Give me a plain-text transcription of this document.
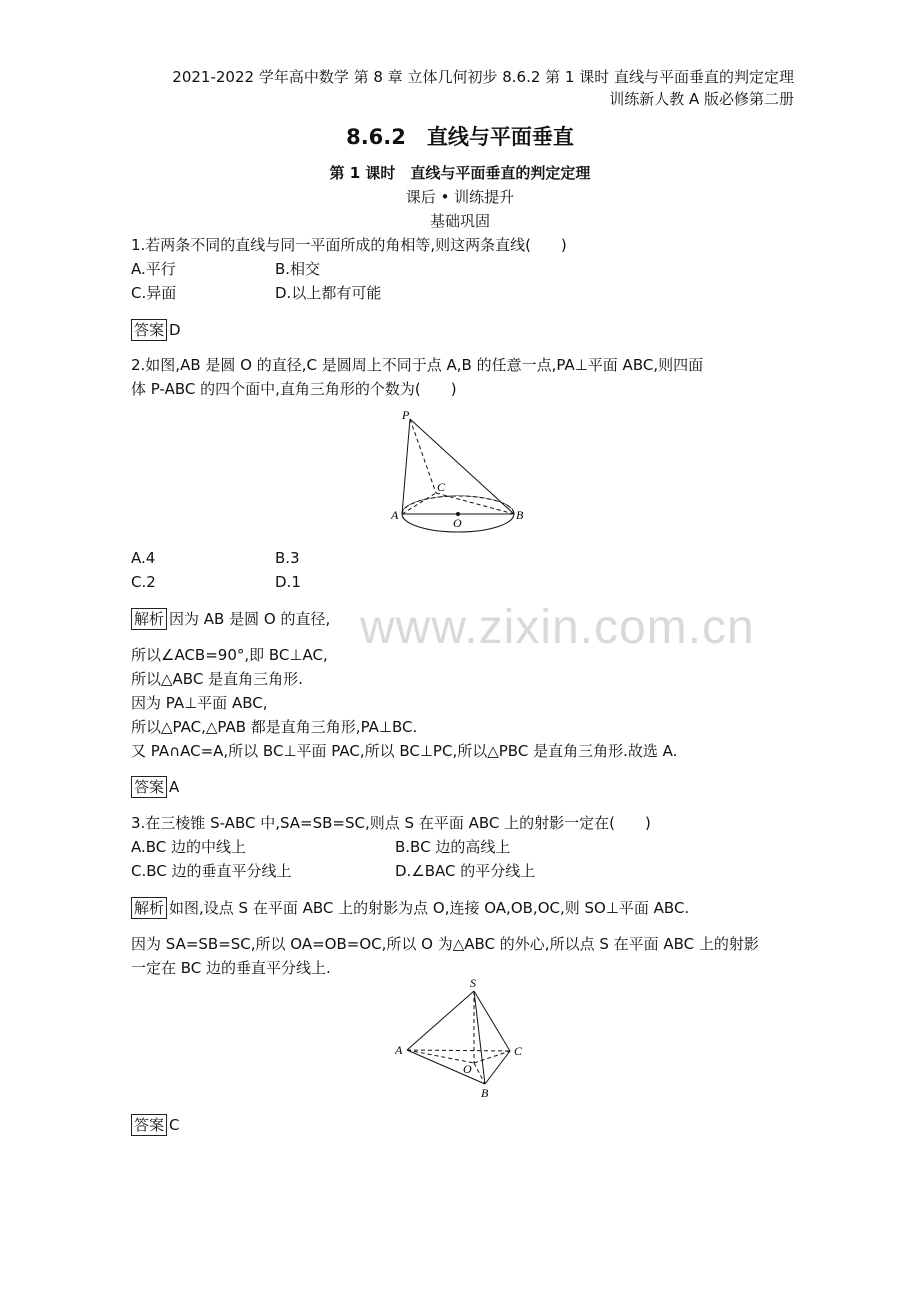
2021-2022 学年高中数学 第 8 章 立体几何初步 8.6.2 第 1 课时 直线与平面垂直的判定定理
训练新人教 A 版必修第二册
8.6.2　直线与平面垂直
第 1 课时　直线与平面垂直的判定定理
课后 • 训练提升
基础巩固
1.若两条不同的直线与同一平面所成的角相等,则这两条直线(　　)
A.平行	B.相交
C.异面	D.以上都有可能
答案 D
2.如图,AB 是圆 O 的直径,C 是圆周上不同于点 A,B 的任意一点,PA⊥平面 ABC,则四面
体 P-ABC 的四个面中,直角三角形的个数为(　　)
P
A	B
C
O
A.4	B.3
C.2	D.1
www.zixin.com.cn
解析 因为 AB 是圆 O 的直径,
所以∠ACB=90°,即 BC⊥AC,
所以△ABC 是直角三角形.
因为 PA⊥平面 ABC,
所以△PAC,△PAB 都是直角三角形,PA⊥BC.
又 PA∩AC=A,所以 BC⊥平面 PAC,所以 BC⊥PC,所以△PBC 是直角三角形.故选 A.
答案 A
3.在三棱锥 S-ABC 中,SA=SB=SC,则点 S 在平面 ABC 上的射影一定在(　　)
A.BC 边的中线上	B.BC 边的高线上
C.BC 边的垂直平分线上	D.∠BAC 的平分线上
解析 如图,设点 S 在平面 ABC 上的射影为点 O,连接 OA,OB,OC,则 SO⊥平面 ABC.
因为 SA=SB=SC,所以 OA=OB=OC,所以 O 为△ABC 的外心,所以点 S 在平面 ABC 上的射影
一定在 BC 边的垂直平分线上.
S
A
B
C
O
答案 C
